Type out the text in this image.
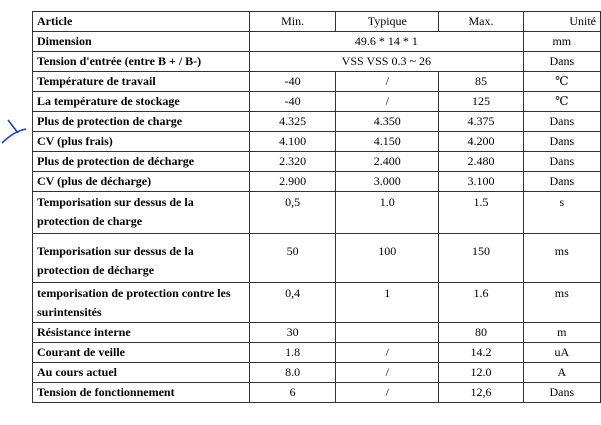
Article	Min.	Typique	Max.	Unité
Dimension	49.6 * 14 * 1			mm
Tension d'entrée (entre B + / B-)	VSS VSS 0.3 ~ 26			Dans
Température de travail	-40	/	85	℃
La température de stockage	-40	/	125	℃
Plus de protection de charge	4.325	4.350	4.375	Dans
CV (plus frais)	4.100	4.150	4.200	Dans
Plus de protection de décharge	2.320	2.400	2.480	Dans
CV (plus de décharge)	2.900	3.000	3.100	Dans
Temporisation sur dessus de la protection de charge	0,5	1.0	1.5	s
Temporisation sur dessus de la protection de décharge	50	100	150	ms
temporisation de protection contre les surintensités	0,4	1	1.6	ms
Résistance interne	30		80	m
Courant de veille	1.8	/	14.2	uA
Au cours actuel	8.0	/	12.0	A
Tension de fonctionnement	6	/	12,6	Dans
